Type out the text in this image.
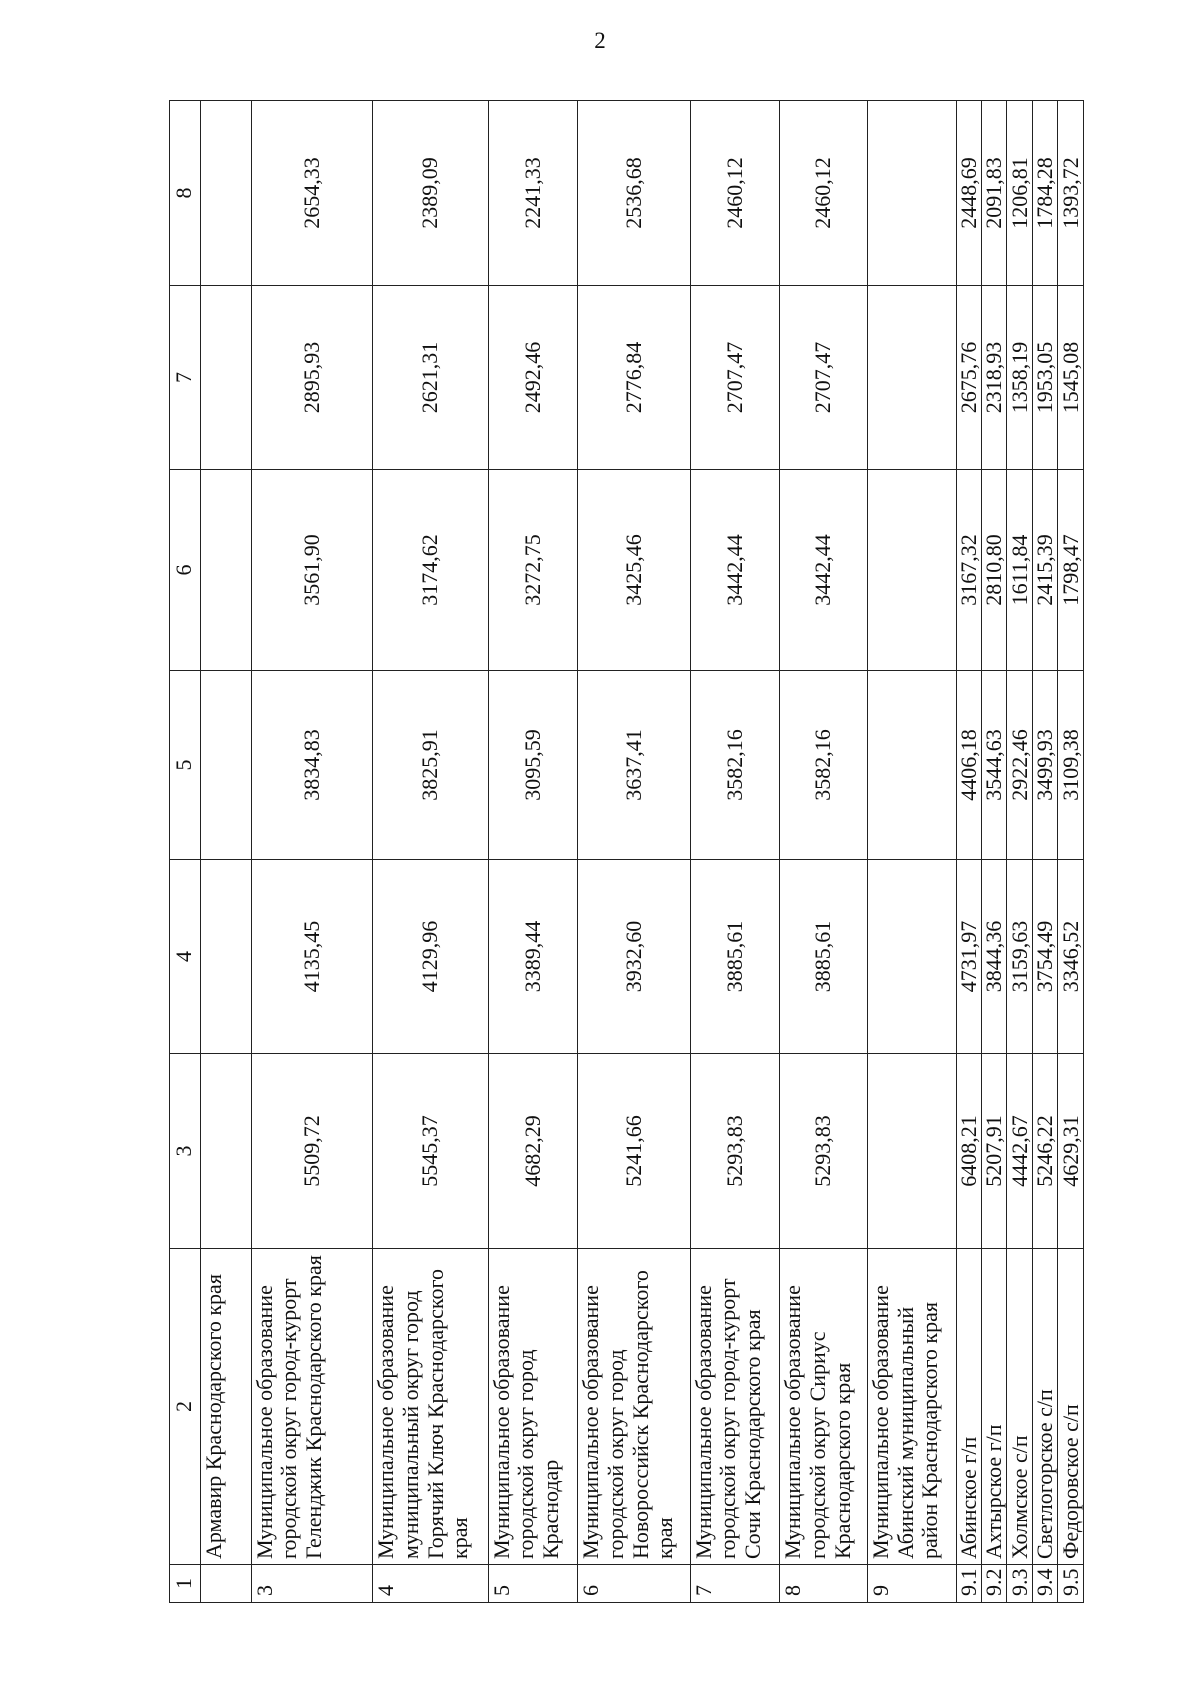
2
1	2	3	4	5	6	7	8
	Армавир Краснодарского края						
3	Муниципальное образование городской округ город-курорт Геленджик Краснодарского края	5509,72	4135,45	3834,83	3561,90	2895,93	2654,33
4	Муниципальное образование муниципальный округ город Горячий Ключ Краснодарского края	5545,37	4129,96	3825,91	3174,62	2621,31	2389,09
5	Муниципальное образование городской округ город Краснодар	4682,29	3389,44	3095,59	3272,75	2492,46	2241,33
6	Муниципальное образование городской округ город Новороссийск Краснодарского края	5241,66	3932,60	3637,41	3425,46	2776,84	2536,68
7	Муниципальное образование городской округ город-курорт Сочи Краснодарского края	5293,83	3885,61	3582,16	3442,44	2707,47	2460,12
8	Муниципальное образование городской округ Сириус Краснодарского края	5293,83	3885,61	3582,16	3442,44	2707,47	2460,12
9	Муниципальное образование Абинский муниципальный район Краснодарского края						
9.1	Абинское г/п	6408,21	4731,97	4406,18	3167,32	2675,76	2448,69
9.2	Ахтырское г/п	5207,91	3844,36	3544,63	2810,80	2318,93	2091,83
9.3	Холмское с/п	4442,67	3159,63	2922,46	1611,84	1358,19	1206,81
9.4	Светлогорское с/п	5246,22	3754,49	3499,93	2415,39	1953,05	1784,28
9.5	Федоровское с/п	4629,31	3346,52	3109,38	1798,47	1545,08	1393,72
